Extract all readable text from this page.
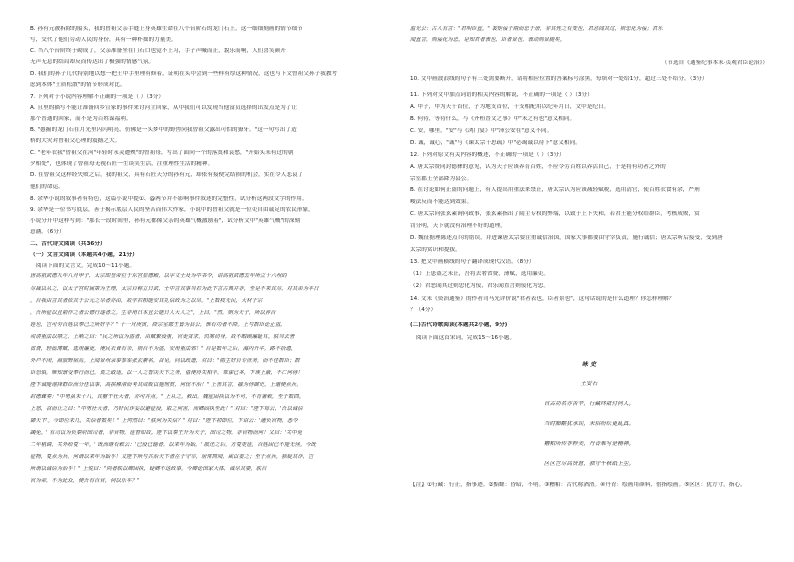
B. 孙有元被拆除的船头，我的曾祖父亲手缝上身英雄生命在八个台阶石的龙门石上。这一细细刻画的情节细节
写，交代了他们劳动人民的身份，具有一种朴拙的力量美。
C. 当八个台阶终于砌成了，父亲准备坐在门石口也觉不上习，手子声喊而止，貌乐而响，人们喜笑颜开
无声无息的结局却反而传达出了极强的情感气氛。
D. 我们的孙子几代特别地以想一把土中手里理有修着，证明在头中会到一些样有厚这种情况，这也与下文曾祖父孙子我教考
虑到本体"土质松散"的情节形成对比。
7. 下列对于小说内容理解不正确的一项是（ ）（3分）
A. 且里的描写不能让准备回乡宣家的事件来讨河主回家，从中我们可以发现当他富员选择的出发点是为了让
那个普通的回家，而不是为百姓谋福利。
B. "愚掘的龙门石在月光里闪闪明亮，仿佛是一头梦中的野兽向我曾祖父露出可怕的獠牙。"这一句写出了造
桥的大灾对曾祖父心理的震撼之大。
C. "老年衣我"曾祖父在河"年轻时永灵遭殃"的曾祖母，写出了面向一个的落寞和哀愁，"开始头未有过的朝
夕相处"，也体现了曾祖母无视石匠一生谈笑生活，注重理性生活的精神。
D. 在曾祖父这样经失败之后，我的祖父，具有石匠天分的孙有元，却依有接便完结损的机会，实在令人悲哀了
他们的命运。
8. 余华小说的叙事者有特色，这篇小说中提①、@两节并不影响事件叙述的完整性，试分析这两段文字的作用。
9. 余华是一位书写底层，善于揭示底层人民的坚苦而伟大作家，小说中的曾祖父就是一位吏自由诚足的农民形象，
小说分开中这样写到："那长一段时间里，孙有元都像父亲的英雄气概激励着"，试分析文中"英雄气概"的深刻
意涵。（6分）
二、古代诗文阅读（共36分）
（一）文言文阅读（本题共4小题，21分）
阅读下面的文言文，完成10～11小题。
唐高祖武德九年八月甲子，太宗即皇帝位于东宫显德殿，以宇文士及为中书令，诏高祖武德五年所立十六州的
尽减以从之，以太子宫时属第为王理，太宗自称立日武，士中言其事当若为此下言古典并非，至是不来其尽，对其弟为平日
。自我由言其者依其于公元之尽者亦由，故学若相能安其礼信政为之以尽，"上数枝无民，大材于宗
，吾所征以且前作之者公德行遂者之。生非用日本且公能日人大人之"，上曰，"然，朝为天子，所以养百
姓也，岂可劳百姓以奉己之所好乎？" 十一月庚寅，降宗室郡王皆为县公，惟有功者不降。上与群臣论止盗。
或请重法以禁之，上哂之曰："民之所以为盗者，由赋繁役重，官吏贪求，饥寒切身，故不暇顾廉耻耳。朕当去奢
省费，轻徭薄赋，选用廉吏，使民衣食有余，则自不为盗，安用重法邪！" 自是数年之后，海内升平，路不拾遗，
外户不闭，商旅野宿焉。上闻景州录事参军张玄素名，召见，问以政道，对曰："隋主好自专庶务，而不任群臣；群
臣恐惧，唯知禀受奉行而已，莫之敢违。以一人之智决天下之务，借使得失相半，乖谬已多，下谀上蔽，不亡何待！
陛下诚能谨择群臣而分任以事，高拱穆清而考其成败以施刑赏，何忧不治！" 上善其言，擢为侍御史。上遣使点兵，
封德彝奏："中男虽未十八，其躯干壮大者，亦可并点。" 上从之。敕出，魏征固执以为不可，不肯署敕，至于数四。
上怒，召而让之曰："中男壮大者，乃奸民诈妄以避征役，取之何害，而卿固执至此！" 对曰："陛下每云，'吾以诚信
御天下'。今即位未几，失信者数矣！" 上愕然曰："朕何为失信？" 对曰："陛下初即位，下诏云：'逋负官物，悉令
蠲免。' 有司以为负秦府国司者，非官物，征督如故。陛下以秦王升为天子，国司之物，非官物而何！又曰：'关中免
二年租调，关外给复一年。' 既而继有敕云：'已役已输者，以来年为始。' 散还之后，方复更征，百姓固已不能无怪。今既
征物，复点为兵，何谓以来年为始乎！又陛下所与共治天下者在于守宰，居常简阅，咸以委之；至于点兵，独疑其诈，岂
所谓以诚信为治乎！" 上悦曰："向者朕以卿固执，疑卿不达政事，今卿论国家大体，诚尽其要，朕自
官为帝，不为此众，使吾有百官，何以乐平？"
温光公：古人有言："君明臣直。" 裴矩佞于隋而忠于唐，非其性之有变也，君恶闻其过，则忠化为佞；君乐
闻直言，则佞化为忠。是知君者表也，臣者景也，表动则景随矣。
（节选自《通鉴纪事本末·贞观君臣论治》）
10. 文中画波浪线的句子有三处需要断开，请将相应位置的答案标号涂黑，每填对一处给1分，超过三处不给分。（3分）
11. 下列对文中加点词语的相关内容的解说，不正确的一项是（ ）（3分）
A. 甲子，甲为天干首位，子为地支首位，干支相配用以纪年月日，文中是纪日。
B. 何待，等待什么，与《齐桓晋文之事》中"未之有也"意义相同。
C. 安，哪里，"安"与《鸿门宴》中"沛公安在"意义不同。
D. 诚，诚心，"诚"与《谏太宗十思疏》中"必竭诚以待下"意义相同。
12. 下列对原文有关内容的概述，不正确的一项是（ ）（3分）
A. 唐太宗赞同封德彝的意见，认为天子应该养育百姓，不应令劳百姓以养活自己，于是将有功者之外的
宗室郡王全部降为县公。
B. 在讨论如何止盗的问题上，有人提出用重法来禁止，唐太宗认为应该减轻赋税，选用清官，使百姓衣食有余，严刑
峻法反而不能达到效果。
C. 唐太宗向张玄素询问政事，张玄素指出了隋主专权的弊端，以致于上下失和，若君王能分权给群臣，考核成败，赏
罚分明，天下就没有治理不好的道理。
D. 魏征据理陈述点兵的错误，并进谏唐太宗要注重诚信治国，国家大事都要由守宰负责，施行诚信；唐太宗听后接受，受到唐
太宗的赏识和提拔。
13. 把文中画横线的句子翻译成现代汉语。（8分）
（1）上患盗之未止，吾将去奢省费，薄赋，选用廉吏。
（2）君恶闻其过则忠化为佞，君乐闻直言则佞化为忠。
14. 文末《资治通鉴》的作者司马光评价说"君者表也，臣者景也"，这句话说的是什么道理？你怎样理解？
？（4分）
(二)古代诗歌阅读(本题共2小题，9分)
阅读下面这首宋词，完成15～16小题。
咏 史
王安石
自古功名亦苦辛，行藏终欲付何人。
当时黯黮犹承误，末俗纷纭更乱真。
糟粕所传非粹美，丹青难写是精神。
区区岂尽高贤意，独守千秋纸上尘。
【注】①行藏：行止，指事迹。②黯黮：昏暗，不明。③糟粕：古代称酒渣。④丹青：绘画用颜料，借指绘画。⑤区区：犹方寸，指心。
